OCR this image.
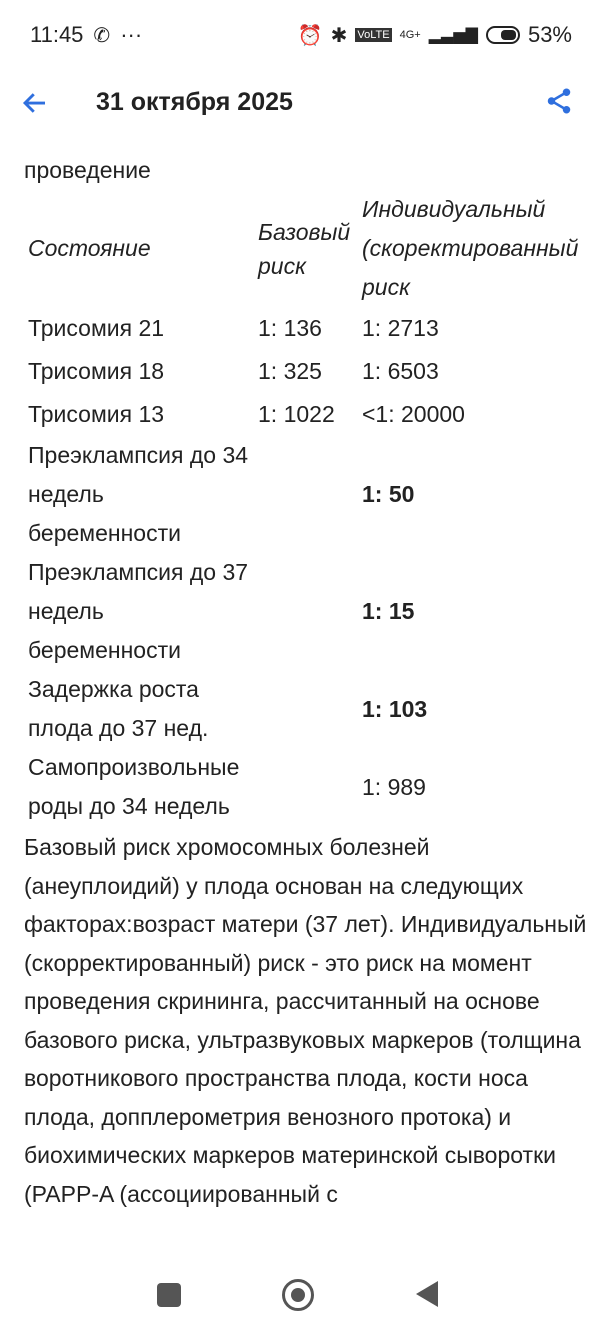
11:45 ✆ ···	⏰ ✱ VoLTE 4G+ ▂▃▅▇ 53%
31 октября 2025
проведение
Состояние	Базовый риск	Индивидуальный (скоректированный риск
Трисомия 21	1: 136	1: 2713
Трисомия 18	1: 325	1: 6503
Трисомия 13	1: 1022	<1: 20000
Преэклампсия до 34 недель беременности		1: 50
Преэклампсия до 37 недель беременности		1: 15
Задержка роста плода до 37 нед.		1: 103
Самопроизвольные роды до 34 недель		1: 989

Базовый риск хромосомных болезней (анеуплоидий) у плода основан на следующих факторах:возраст матери (37 лет). Индивидуальный (скорректированный) риск - это риск на момент проведения скрининга, рассчитанный на основе базового риска, ультразвуковых маркеров (толщина воротникового пространства плода, кости носа плода, допплерометрия венозного протока) и биохимических маркеров материнской сыворотки (PAPP-A (ассоциированный с
